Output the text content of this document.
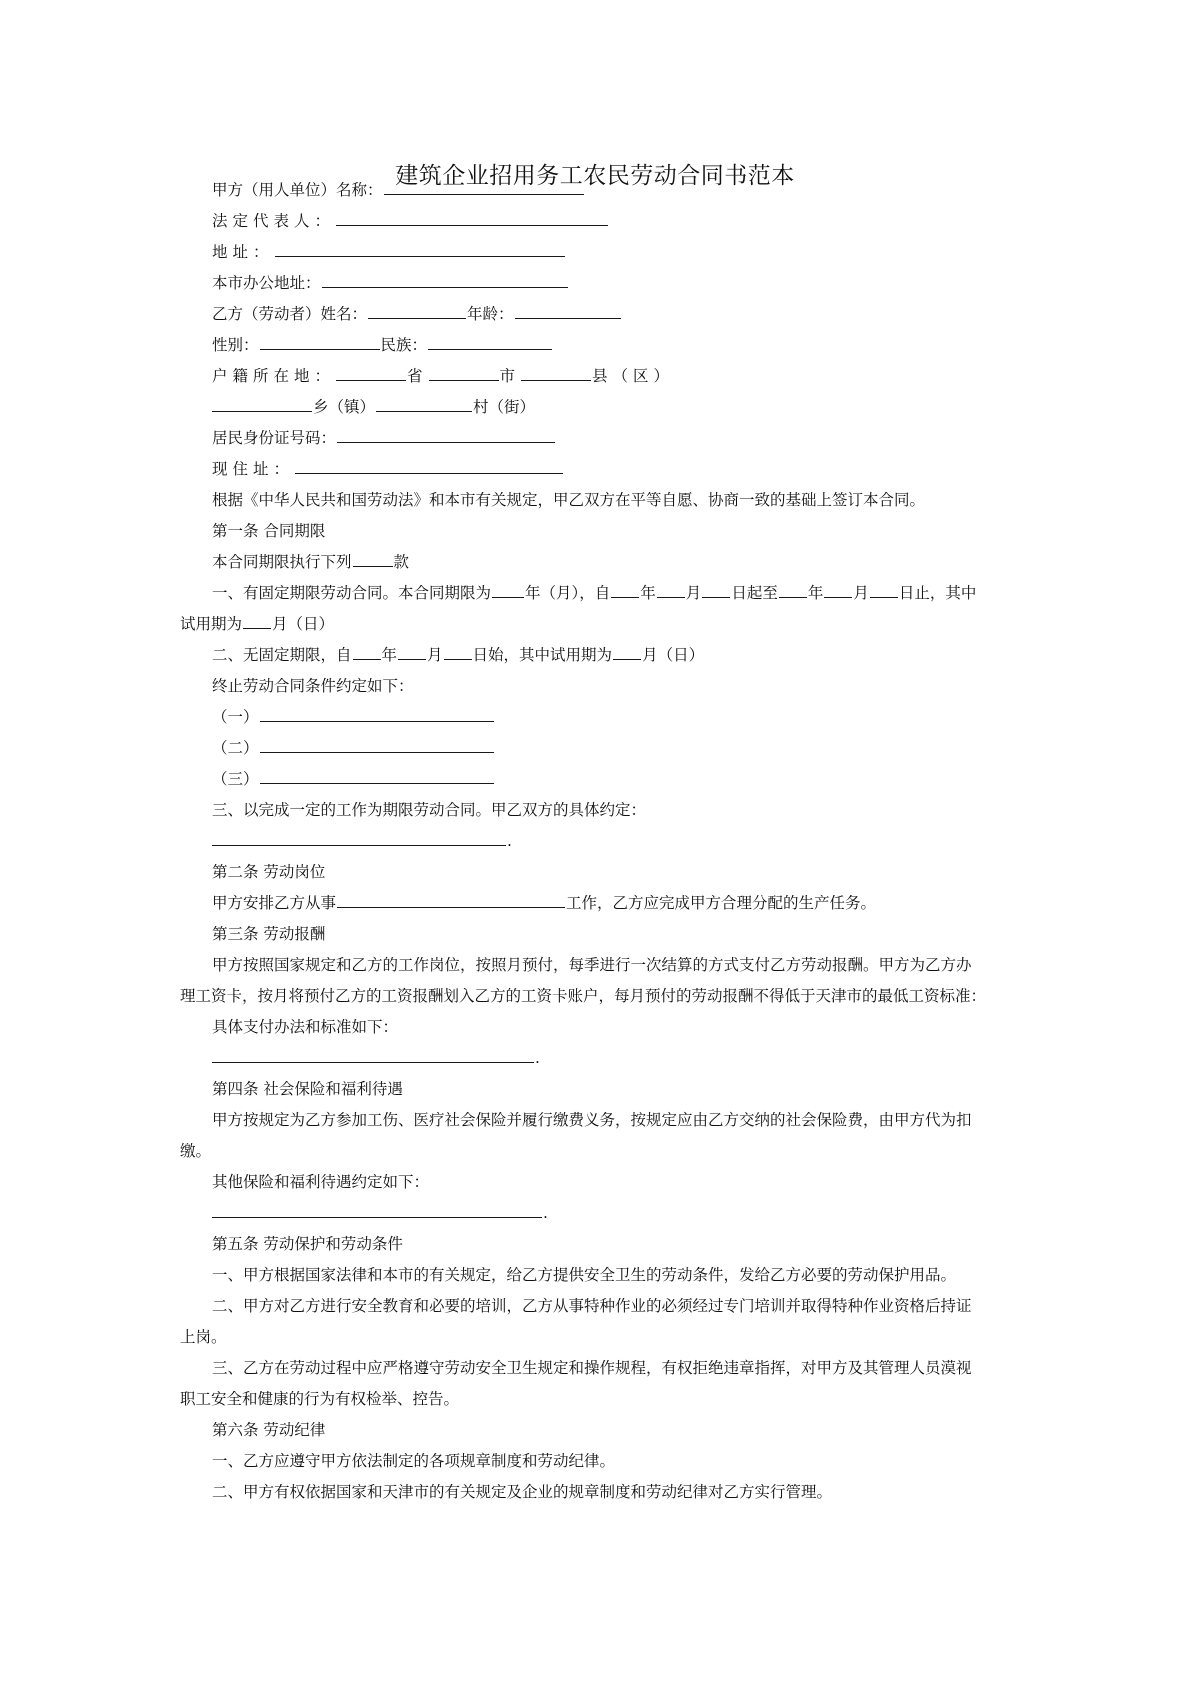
建筑企业招用务工农民劳动合同书范本
甲方（用人单位）名称：
法定代表人：
地址：
本市办公地址：
乙方（劳动者）姓名：	年龄：
性别：	民族：
户籍所在地：	省	市	县（区）
乡（镇）	村（街）
居民身份证号码：
现住址：
根据《中华人民共和国劳动法》和本市有关规定，甲乙双方在平等自愿、协商一致的基础上签订本合同。
第一条 合同期限
本合同期限执行下列	款
一、有固定期限劳动合同。本合同期限为 年（月），自 年 月 日起至 年 月 日止，其中
试用期为 月（日）
二、无固定期限，自 年 月 日始，其中试用期为 月（日）
终止劳动合同条件约定如下：
（一）
（二）
（三）
三、以完成一定的工作为期限劳动合同。甲乙双方的具体约定：
.
第二条 劳动岗位
甲方安排乙方从事	工作，乙方应完成甲方合理分配的生产任务。
第三条 劳动报酬
甲方按照国家规定和乙方的工作岗位，按照月预付，每季进行一次结算的方式支付乙方劳动报酬。甲方为乙方办
理工资卡，按月将预付乙方的工资报酬划入乙方的工资卡账户，每月预付的劳动报酬不得低于天津市的最低工资标准：
具体支付办法和标准如下：
.
第四条 社会保险和福利待遇
甲方按规定为乙方参加工伤、医疗社会保险并履行缴费义务，按规定应由乙方交纳的社会保险费，由甲方代为扣
缴。
其他保险和福利待遇约定如下：
.
第五条 劳动保护和劳动条件
一、甲方根据国家法律和本市的有关规定，给乙方提供安全卫生的劳动条件，发给乙方必要的劳动保护用品。
二、甲方对乙方进行安全教育和必要的培训，乙方从事特种作业的必须经过专门培训并取得特种作业资格后持证
上岗。
三、乙方在劳动过程中应严格遵守劳动安全卫生规定和操作规程，有权拒绝违章指挥，对甲方及其管理人员漠视
职工安全和健康的行为有权检举、控告。
第六条 劳动纪律
一、乙方应遵守甲方依法制定的各项规章制度和劳动纪律。
二、甲方有权依据国家和天津市的有关规定及企业的规章制度和劳动纪律对乙方实行管理。
